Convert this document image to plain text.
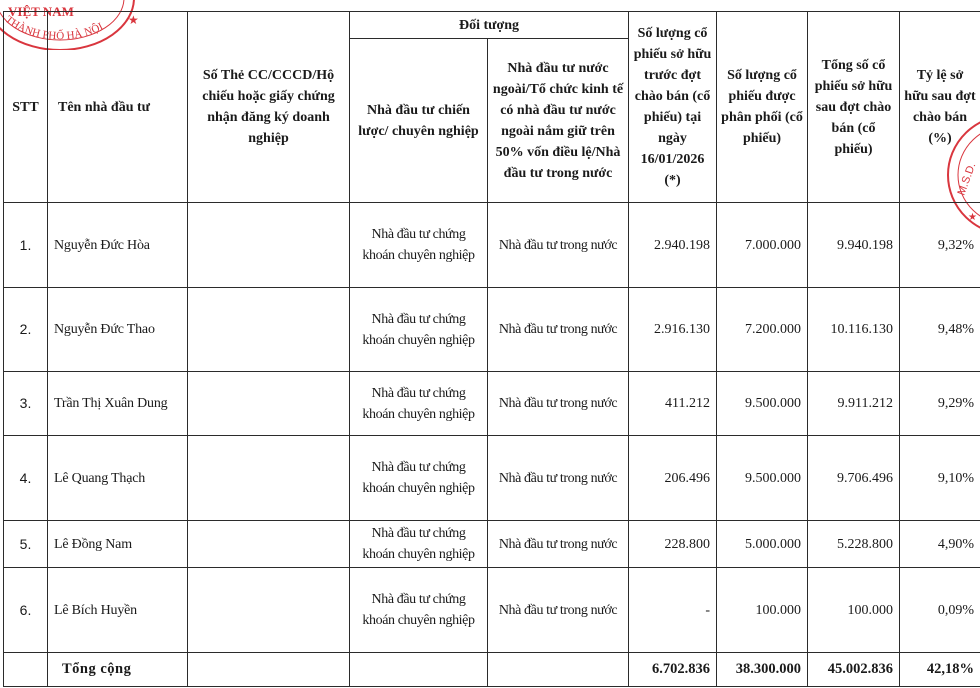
VIỆT NAM
THÀNH PHỐ HÀ NỘI ★
M.S.D.
★
STT	Tên nhà đầu tư	Số Thẻ CC/CCCD/Hộ chiếu hoặc giấy chứng nhận đăng ký doanh nghiệp	Đối tượng		Số lượng cổ phiếu sở hữu trước đợt chào bán (cổ phiếu) tại ngày 16/01/2026 (*)	Số lượng cổ phiếu được phân phối (cổ phiếu)	Tổng số cổ phiếu sở hữu sau đợt chào bán (cổ phiếu)	Tỷ lệ sở hữu sau đợt chào bán (%)
			Nhà đầu tư chiến lược/ chuyên nghiệp	Nhà đầu tư nước ngoài/Tổ chức kinh tế có nhà đầu tư nước ngoài nắm giữ trên 50% vốn điều lệ/Nhà đầu tư trong nước				
1.	Nguyễn Đức Hòa		Nhà đầu tư chứng khoán chuyên nghiệp	Nhà đầu tư trong nước	2.940.198	7.000.000	9.940.198	9,32%
2.	Nguyễn Đức Thao		Nhà đầu tư chứng khoán chuyên nghiệp	Nhà đầu tư trong nước	2.916.130	7.200.000	10.116.130	9,48%
3.	Trần Thị Xuân Dung		Nhà đầu tư chứng khoán chuyên nghiệp	Nhà đầu tư trong nước	411.212	9.500.000	9.911.212	9,29%
4.	Lê Quang Thạch		Nhà đầu tư chứng khoán chuyên nghiệp	Nhà đầu tư trong nước	206.496	9.500.000	9.706.496	9,10%
5.	Lê Đồng Nam		Nhà đầu tư chứng khoán chuyên nghiệp	Nhà đầu tư trong nước	228.800	5.000.000	5.228.800	4,90%
6.	Lê Bích Huyền		Nhà đầu tư chứng khoán chuyên nghiệp	Nhà đầu tư trong nước	-	100.000	100.000	0,09%
	Tổng cộng				6.702.836	38.300.000	45.002.836	42,18%
